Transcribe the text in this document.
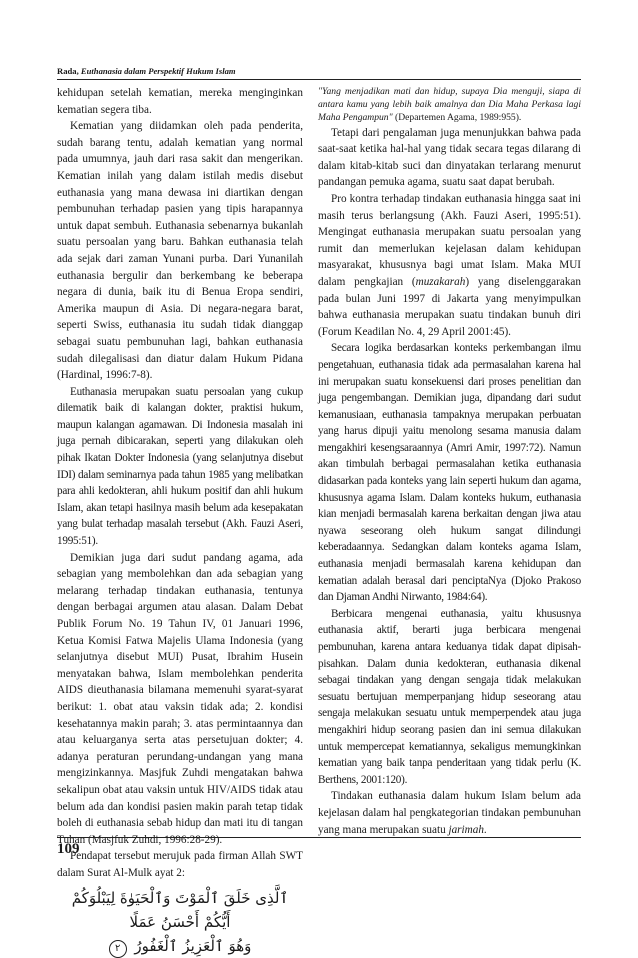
Rada, Euthanasia dalam Perspektif Hukum Islam

kehidupan setelah kematian, mereka menginginkan kematian segera tiba.

Kematian yang diidamkan oleh pada penderita, sudah barang tentu, adalah kematian yang normal pada umumnya, jauh dari rasa sakit dan mengerikan. Kematian inilah yang dalam istilah medis disebut euthanasia yang mana dewasa ini diartikan dengan pembunuhan terhadap pasien yang tipis harapannya untuk dapat sembuh. Euthanasia sebenarnya bukanlah suatu persoalan yang baru. Bahkan euthanasia telah ada sejak dari zaman Yunani purba. Dari Yunanilah euthanasia bergulir dan berkembang ke beberapa negara di dunia, baik itu di Benua Eropa sendiri, Amerika maupun di Asia. Di negara-negara barat, seperti Swiss, euthanasia itu sudah tidak dianggap sebagai suatu pembunuhan lagi, bahkan euthanasia sudah dilegalisasi dan diatur dalam Hukum Pidana (Hardinal, 1996:7-8).

Euthanasia merupakan suatu persoalan yang cukup dilematik baik di kalangan dokter, praktisi hukum, maupun kalangan agamawan. Di Indonesia masalah ini juga pernah dibicarakan, seperti yang dilakukan oleh pihak Ikatan Dokter Indonesia (yang selanjutnya disebut IDI) dalam seminarnya pada tahun 1985 yang melibatkan para ahli kedokteran, ahli hukum positif dan ahli hukum Islam, akan tetapi hasilnya masih belum ada kesepakatan yang bulat terhadap masalah tersebut (Akh. Fauzi Aseri, 1995:51).

Demikian juga dari sudut pandang agama, ada sebagian yang membolehkan dan ada sebagian yang melarang terhadap tindakan euthanasia, tentunya dengan berbagai argumen atau alasan. Dalam Debat Publik Forum No. 19 Tahun IV, 01 Januari 1996, Ketua Komisi Fatwa Majelis Ulama Indonesia (yang selanjutnya disebut MUI) Pusat, Ibrahim Husein menyatakan bahwa, Islam membolehkan penderita AIDS dieuthanasia bilamana memenuhi syarat-syarat berikut: 1. obat atau vaksin tidak ada; 2. kondisi kesehatannya makin parah; 3. atas permintaannya dan atau keluarganya serta atas persetujuan dokter; 4. adanya peraturan perundang-undangan yang mana mengizinkannya. Masjfuk Zuhdi mengatakan bahwa sekalipun obat atau vaksin untuk HIV/AIDS tidak atau belum ada dan kondisi pasien makin parah tetap tidak boleh di euthanasia sebab hidup dan mati itu di tangan Tuhan (Masjfuk Zuhdi, 1996:28-29).

Pendapat tersebut merujuk pada firman Allah SWT dalam Surat Al-Mulk ayat 2:

ٱلَّذِى خَلَقَ ٱلْمَوْتَ وَٱلْحَيَوٰةَ لِيَبْلُوَكُمْ أَيُّكُمْ أَحْسَنُ عَمَلًا
وَهُوَ ٱلْعَزِيزُ ٱلْغَفُورُ ٢

"Yang menjadikan mati dan hidup, supaya Dia menguji, siapa di antara kamu yang lebih baik amalnya dan Dia Maha Perkasa lagi Maha Pengampun" (Departemen Agama, 1989:955).

Tetapi dari pengalaman juga menunjukkan bahwa pada saat-saat ketika hal-hal yang tidak secara tegas dilarang di dalam kitab-kitab suci dan dinyatakan terlarang menurut pandangan pemuka agama, suatu saat dapat berubah.

Pro kontra terhadap tindakan euthanasia hingga saat ini masih terus berlangsung (Akh. Fauzi Aseri, 1995:51). Mengingat euthanasia merupakan suatu persoalan yang rumit dan memerlukan kejelasan dalam kehidupan masyarakat, khususnya bagi umat Islam. Maka MUI dalam pengkajian (muzakarah) yang diselenggarakan pada bulan Juni 1997 di Jakarta yang menyimpulkan bahwa euthanasia merupakan suatu tindakan bunuh diri (Forum Keadilan No. 4, 29 April 2001:45).

Secara logika berdasarkan konteks perkembangan ilmu pengetahuan, euthanasia tidak ada permasalahan karena hal ini merupakan suatu konsekuensi dari proses penelitian dan juga pengembangan. Demikian juga, dipandang dari sudut kemanusiaan, euthanasia tampaknya merupakan perbuatan yang harus dipuji yaitu menolong sesama manusia dalam mengakhiri kesengsaraannya (Amri Amir, 1997:72). Namun akan timbulah berbagai permasalahan ketika euthanasia didasarkan pada konteks yang lain seperti hukum dan agama, khususnya agama Islam. Dalam konteks hukum, euthanasia kian menjadi bermasalah karena berkaitan dengan jiwa atau nyawa seseorang oleh hukum sangat dilindungi keberadaannya. Sedangkan dalam konteks agama Islam, euthanasia menjadi bermasalah karena kehidupan dan kematian adalah berasal dari penciptaNya (Djoko Prakoso dan Djaman Andhi Nirwanto, 1984:64).

Berbicara mengenai euthanasia, yaitu khususnya euthanasia aktif, berarti juga berbicara mengenai pembunuhan, karena antara keduanya tidak dapat dipisah-pisahkan. Dalam dunia kedokteran, euthanasia dikenal sebagai tindakan yang dengan sengaja tidak melakukan sesuatu bertujuan memperpanjang hidup seseorang atau sengaja melakukan sesuatu untuk memperpendek atau juga mengakhiri hidup seorang pasien dan ini semua dilakukan untuk mempercepat kematiannya, sekaligus memungkinkan kematian yang baik tanpa penderitaan yang tidak perlu (K. Berthens, 2001:120).

Tindakan euthanasia dalam hukum Islam belum ada kejelasan dalam hal pengkategorian tindakan pembunuhan yang mana merupakan suatu jarimah.

109
